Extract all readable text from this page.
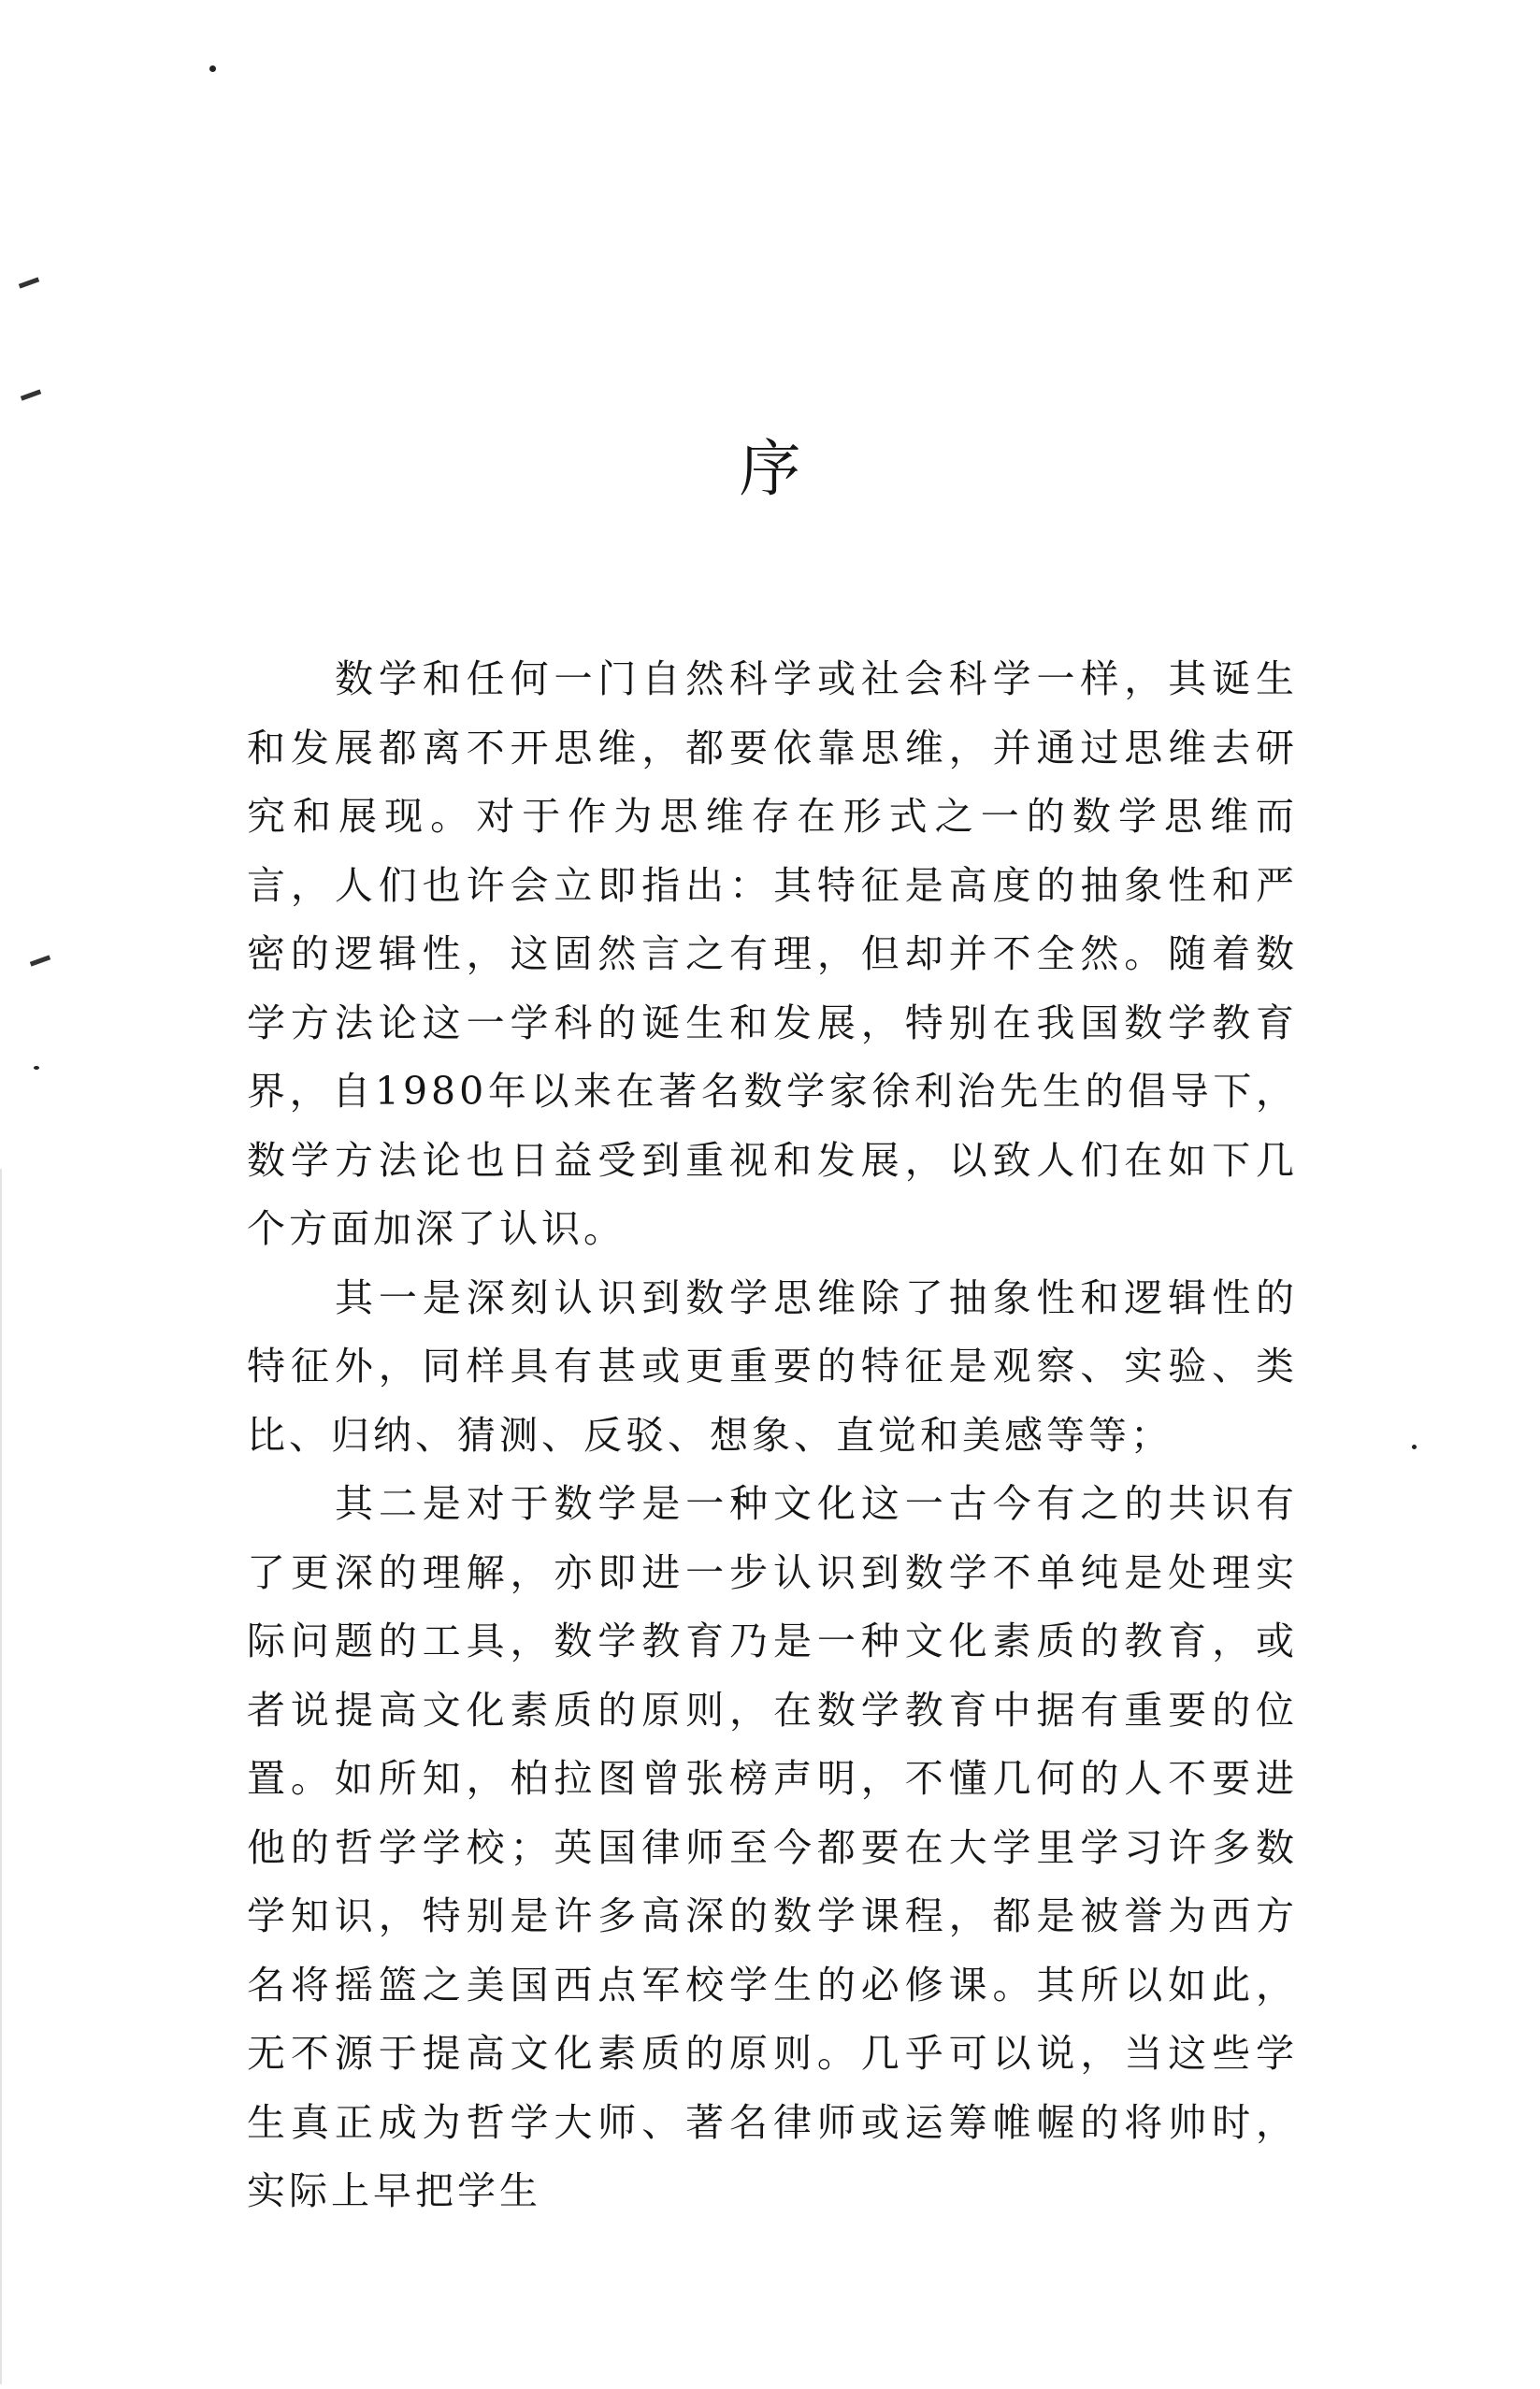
序

数学和任何一门自然科学或社会科学一样，其诞生和发展都离不开思维，都要依靠思维，并通过思维去研究和展现。对于作为思维存在形式之一的数学思维而言，人们也许会立即指出：其特征是高度的抽象性和严密的逻辑性，这固然言之有理，但却并不全然。随着数学方法论这一学科的诞生和发展，特别在我国数学教育界，自1980年以来在著名数学家徐利治先生的倡导下，数学方法论也日益受到重视和发展，以致人们在如下几个方面加深了认识。

其一是深刻认识到数学思维除了抽象性和逻辑性的特征外，同样具有甚或更重要的特征是观察、实验、类比、归纳、猜测、反驳、想象、直觉和美感等等；

其二是对于数学是一种文化这一古今有之的共识有了更深的理解，亦即进一步认识到数学不单纯是处理实际问题的工具，数学教育乃是一种文化素质的教育，或者说提高文化素质的原则，在数学教育中据有重要的位置。如所知，柏拉图曾张榜声明，不懂几何的人不要进他的哲学学校；英国律师至今都要在大学里学习许多数学知识，特别是许多高深的数学课程，都是被誉为西方名将摇篮之美国西点军校学生的必修课。其所以如此，无不源于提高文化素质的原则。几乎可以说，当这些学生真正成为哲学大师、著名律师或运筹帷幄的将帅时，实际上早把学生
